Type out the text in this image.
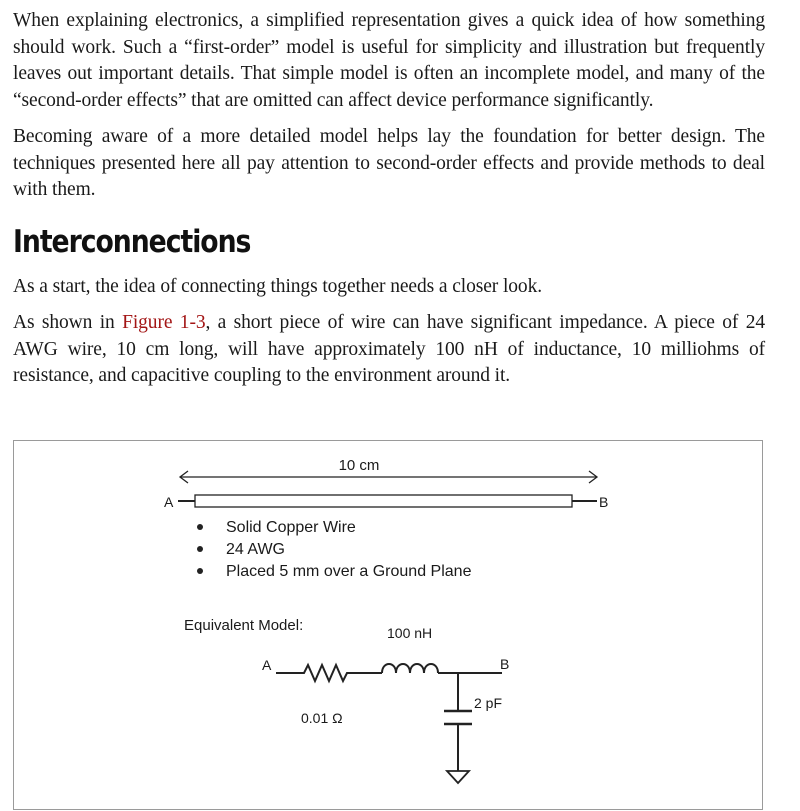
When explaining electronics, a simplified representation gives a quick idea of how something should work. Such a “first-order” model is useful for simplicity and illustration but frequently leaves out important details. That simple model is often an incomplete model, and many of the “second-order effects” that are omitted can affect device performance significantly.

Becoming aware of a more detailed model helps lay the foundation for better design. The techniques presented here all pay attention to second-order effects and provide methods to deal with them.

Interconnections

As a start, the idea of connecting things together needs a closer look.

As shown in Figure 1-3, a short piece of wire can have significant impedance. A piece of 24 AWG wire, 10 cm long, will have approximately 100 nH of inductance, 10 milliohms of resistance, and capacitive coupling to the environment around it.

10 cm
A	B
Solid Copper Wire
24 AWG
Placed 5 mm over a Ground Plane
Equivalent Model:	100 nH
A	B
2 pF
0.01 Ω
